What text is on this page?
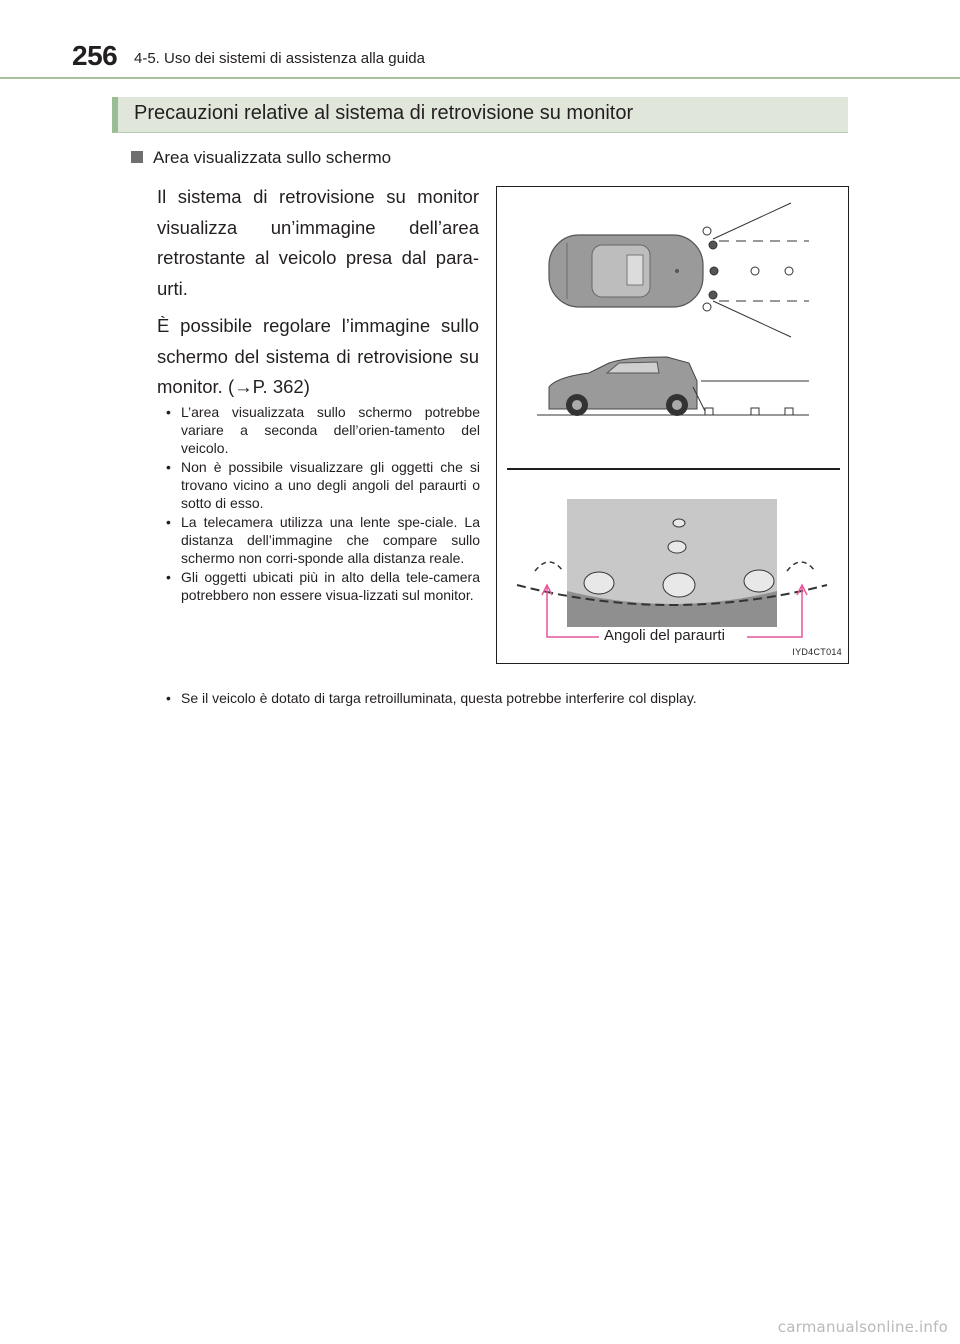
256 4-5. Uso dei sistemi di assistenza alla guida
Precauzioni relative al sistema di retrovisione su monitor
Area visualizzata sullo schermo
Il sistema di retrovisione su monitor visualizza un’immagine dell’area retrostante al veicolo presa dal para-urti.
È possibile regolare l’immagine sullo schermo del sistema di retrovisione su monitor. (→P. 362)
• L’area visualizzata sullo schermo potrebbe variare a seconda dell’orien-tamento del veicolo.
• Non è possibile visualizzare gli oggetti che si trovano vicino a uno degli angoli del paraurti o sotto di esso.
• La telecamera utilizza una lente spe-ciale. La distanza dell’immagine che compare sullo schermo non corri-sponde alla distanza reale.
• Gli oggetti ubicati più in alto della tele-camera potrebbero non essere visua-lizzati sul monitor.
• Se il veicolo è dotato di targa retroilluminata, questa potrebbe interferire col display.
Angoli del paraurti
IYD4CT014
carmanualsonline.info
